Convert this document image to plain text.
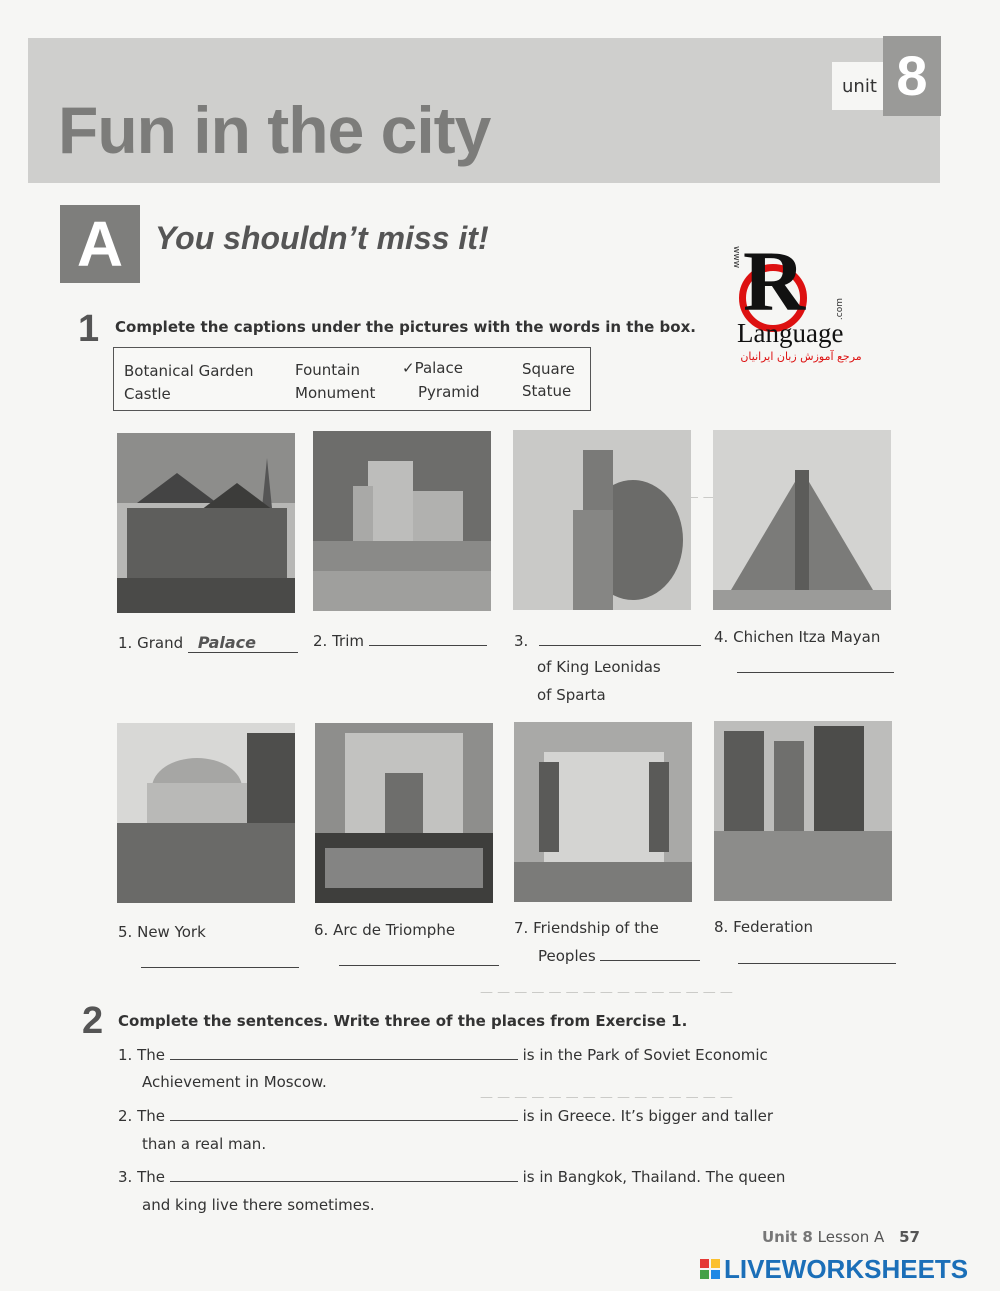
— —
— — — — — — — — — — — — — — —
— — — — — — — — — — — — — — —
unit 8
Fun in the city
A You shouldn’t miss it!	R
www
.com
Language
مرجع آموزش زبان ایرانیان
1 Complete the captions under the pictures with the words in the box.
Botanical Garden
Castle
Fountain
Monument
✓Palace
Pyramid
Square
Statue
1. Grand Palace	2. Trim	3.
of King Leonidas
of Sparta
4. Chichen Itza Mayan
5. New York	6. Arc de Triomphe	7. Friendship of the
Peoples
8. Federation
2 Complete the sentences. Write three of the places from Exercise 1.
1. The	is in the Park of Soviet Economic
Achievement in Moscow.
2. The	is in Greece. It’s bigger and taller
than a real man.
3. The	is in Bangkok, Thailand. The queen
and king live there sometimes.
Unit 8 Lesson A 57
LIVEWORKSHEETS
